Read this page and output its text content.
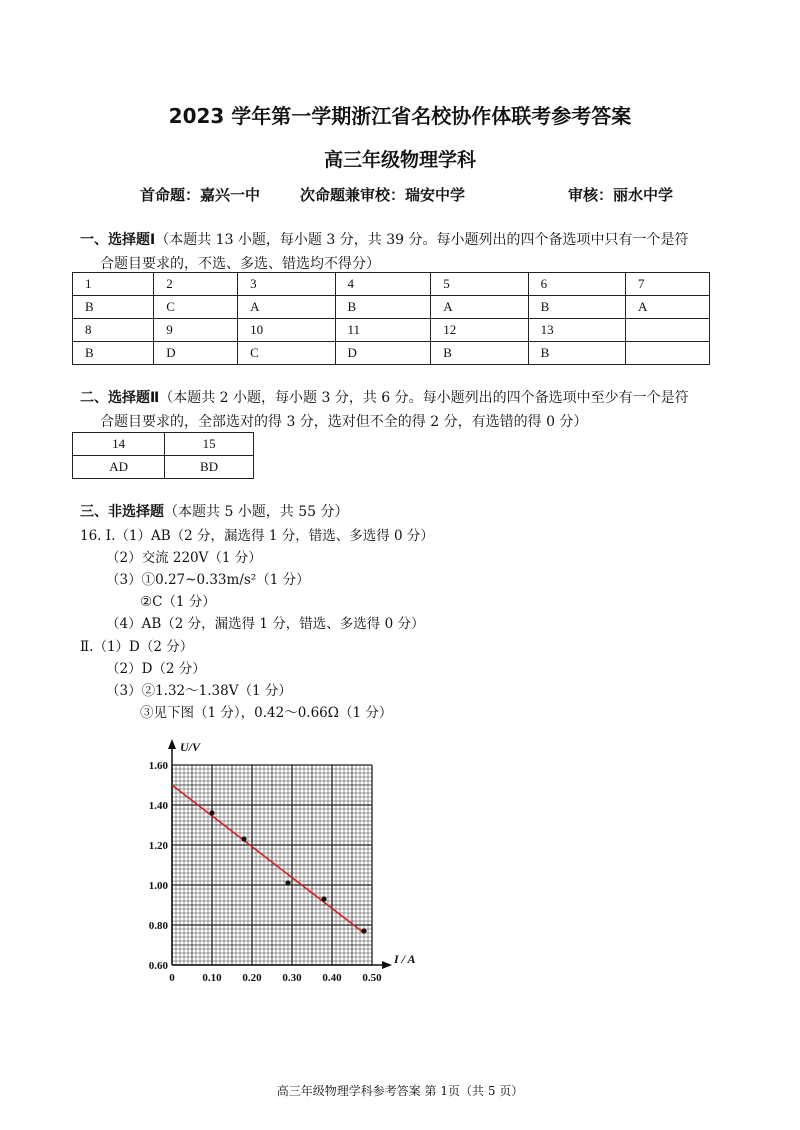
2023 学年第一学期浙江省名校协作体联考参考答案
高三年级物理学科
首命题：嘉兴一中	次命题兼审校：瑞安中学	审核：丽水中学
一、选择题Ⅰ（本题共 13 小题，每小题 3 分，共 39 分。每小题列出的四个备选项中只有一个是符
合题目要求的，不选、多选、错选均不得分）
1	2	3	4	5	6	7
B	C	A	B	A	B	A
8	9	10	11	12	13	
B	D	C	D	B	B	
二、选择题Ⅱ（本题共 2 小题，每小题 3 分，共 6 分。每小题列出的四个备选项中至少有一个是符
合题目要求的，全部选对的得 3 分，选对但不全的得 2 分，有选错的得 0 分）
14	15
AD	BD
三、非选择题（本题共 5 小题，共 55 分）
16. Ⅰ.（1）AB（2 分，漏选得 1 分，错选、多选得 0 分）
（2）交流 220V（1 分）
（3）①0.27~0.33m/s²（1 分）
②C（1 分）
（4）AB（2 分，漏选得 1 分，错选、多选得 0 分）
Ⅱ.（1）D（2 分）
（2）D（2 分）
（3）②1.32～1.38V（1 分）
③见下图（1 分），0.42～0.66Ω（1 分）
0.60
0.80
1.00
1.20
1.40
1.60
0	0.10 0.20 0.30 0.40 0.50
U/V
I / A
高三年级物理学科参考答案 第 1页（共 5 页）
